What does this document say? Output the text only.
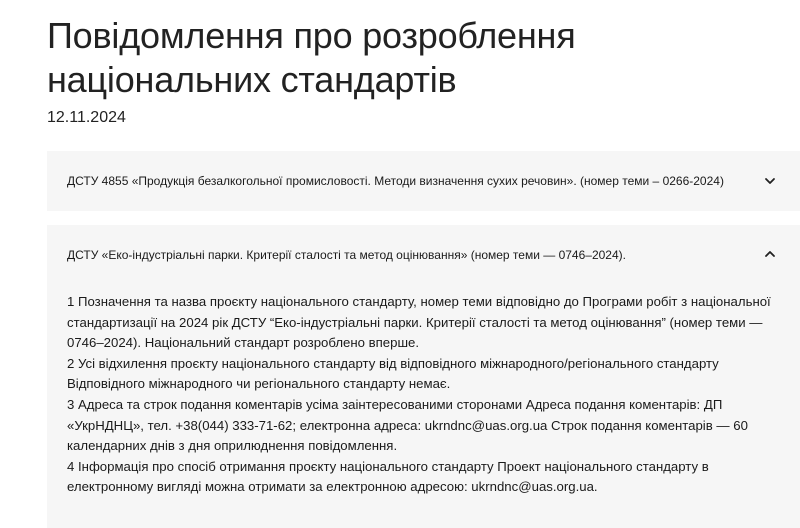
Повідомлення про розроблення національних стандартів
12.11.2024
ДСТУ 4855 «Продукція безалкогольної промисловості. Методи визначення сухих речовин». (номер теми – 0266-2024)
ДСТУ «Еко-індустріальні парки. Критерії сталості та метод оцінювання» (номер теми — 0746–2024).

1 Позначення та назва проєкту національного стандарту, номер теми відповідно до Програми робіт з національної стандартизації на 2024 рік ДСТУ “Еко-індустріальні парки. Критерії сталості та метод оцінювання” (номер теми — 0746–2024). Національний стандарт розроблено вперше.

2 Усі відхилення проєкту національного стандарту від відповідного міжнародного/регіонального стандарту Відповідного міжнародного чи регіонального стандарту немає.

3 Адреса та строк подання коментарів усіма заінтересованими сторонами Адреса подання коментарів: ДП «УкрНДНЦ», тел. +38(044) 333-71-62; електронна адреса: ukrndnc@uas.org.ua Строк подання коментарів — 60 календарних днів з дня оприлюднення повідомлення.

4 Інформація про спосіб отримання проєкту національного стандарту Проект національного стандарту в електронному вигляді можна отримати за електронною адресою: ukrndnc@uas.org.ua.
